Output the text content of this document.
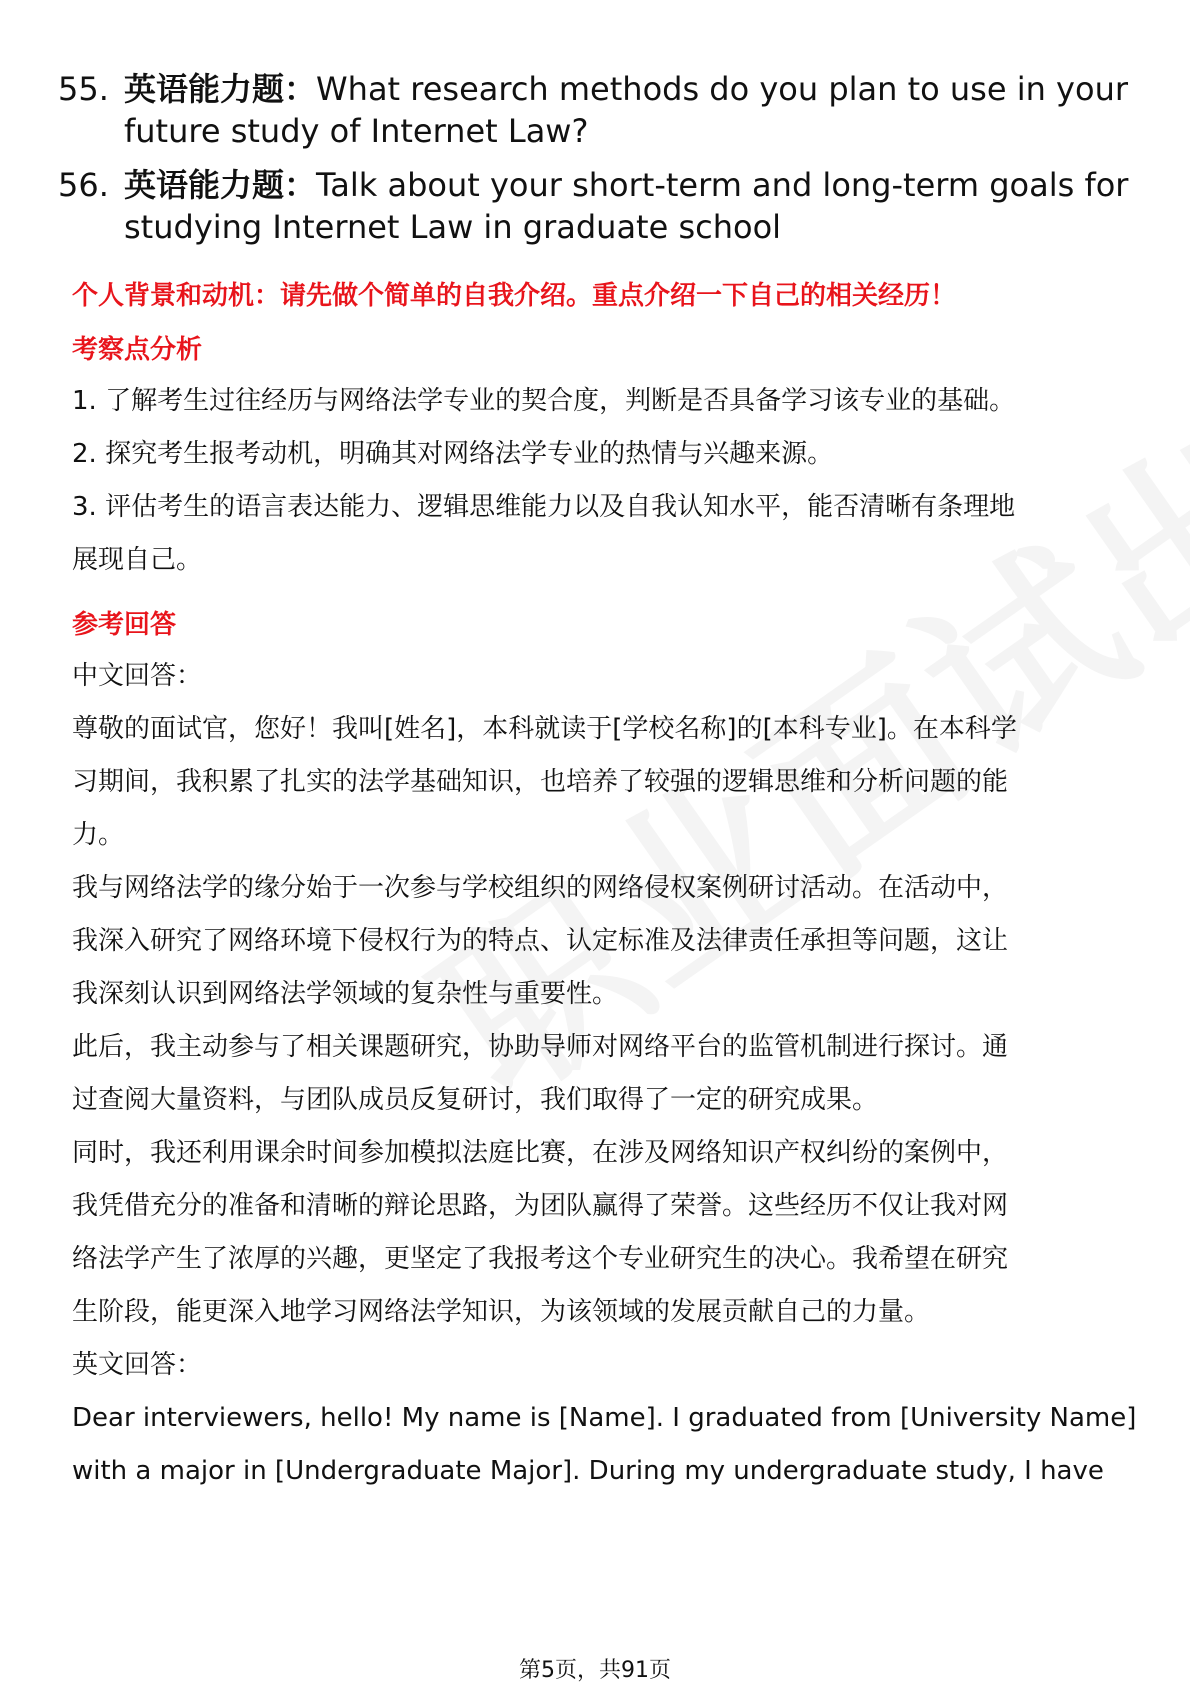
55. 英语能力题：What research methods do you plan to use in your future study of Internet Law?
56. 英语能力题：Talk about your short-term and long-term goals for studying Internet Law in graduate school
个人背景和动机：请先做个简单的自我介绍。重点介绍一下自己的相关经历！
考察点分析
1. 了解考生过往经历与网络法学专业的契合度，判断是否具备学习该专业的基础。
2. 探究考生报考动机，明确其对网络法学专业的热情与兴趣来源。
3. 评估考生的语言表达能力、逻辑思维能力以及自我认知水平，能否清晰有条理地
展现自己。
参考回答
中文回答：
尊敬的面试官，您好！我叫[姓名]，本科就读于[学校名称]的[本科专业]。在本科学
习期间，我积累了扎实的法学基础知识，也培养了较强的逻辑思维和分析问题的能
力。
我与网络法学的缘分始于一次参与学校组织的网络侵权案例研讨活动。在活动中，
我深入研究了网络环境下侵权行为的特点、认定标准及法律责任承担等问题，这让
我深刻认识到网络法学领域的复杂性与重要性。
此后，我主动参与了相关课题研究，协助导师对网络平台的监管机制进行探讨。通
过查阅大量资料，与团队成员反复研讨，我们取得了一定的研究成果。
同时，我还利用课余时间参加模拟法庭比赛，在涉及网络知识产权纠纷的案例中，
我凭借充分的准备和清晰的辩论思路，为团队赢得了荣誉。这些经历不仅让我对网
络法学产生了浓厚的兴趣，更坚定了我报考这个专业研究生的决心。我希望在研究
生阶段，能更深入地学习网络法学知识，为该领域的发展贡献自己的力量。
英文回答：
Dear interviewers, hello! My name is [Name]. I graduated from [University Name]
with a major in [Undergraduate Major]. During my undergraduate study, I have
第5页，共91页
